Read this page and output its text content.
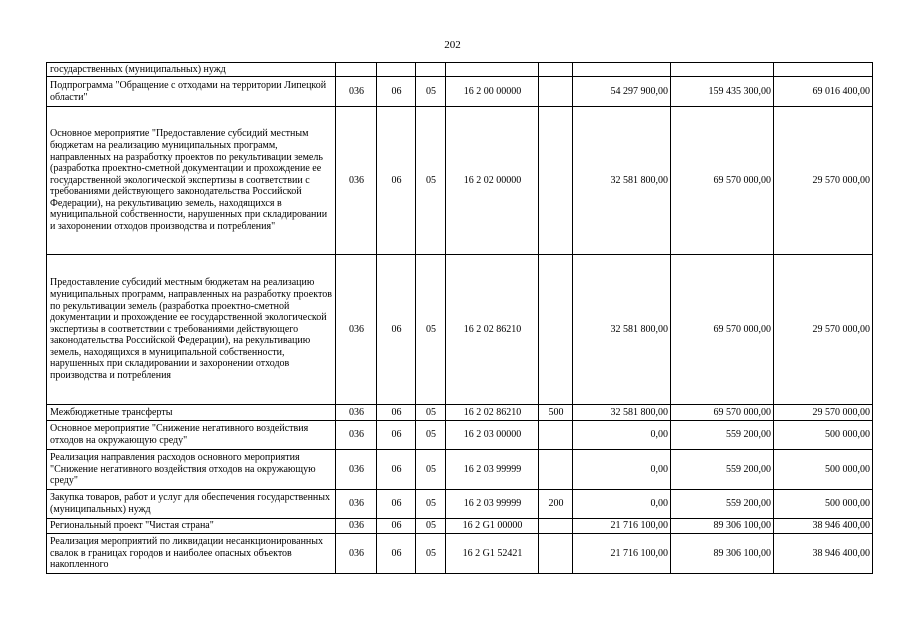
202
государственных (муниципальных) нужд								
Подпрограмма "Обращение с отходами на территории Липецкой области"	036	06	05	16 2 00 00000		54 297 900,00	159 435 300,00	69 016 400,00
Основное мероприятие "Предоставление субсидий местным бюджетам на реализацию муниципальных программ, направленных на разработку проектов по рекультивации земель (разработка проектно-сметной документации и прохождение ее государственной экологической экспертизы в соответствии с требованиями действующего законодательства Российской Федерации), на рекультивацию земель, находящихся в муниципальной собственности, нарушенных при складировании и захоронении отходов производства и потребления"	036	06	05	16 2 02 00000		32 581 800,00	69 570 000,00	29 570 000,00
Предоставление субсидий местным бюджетам на реализацию муниципальных программ, направленных на разработку проектов по рекультивации земель (разработка проектно-сметной документации и прохождение ее государственной экологической экспертизы в соответствии с требованиями действующего законодательства Российской Федерации), на рекультивацию земель, находящихся в муниципальной собственности, нарушенных при складировании и захоронении отходов производства и потребления	036	06	05	16 2 02 86210		32 581 800,00	69 570 000,00	29 570 000,00
Межбюджетные трансферты	036	06	05	16 2 02 86210	500	32 581 800,00	69 570 000,00	29 570 000,00
Основное мероприятие "Снижение негативного воздействия отходов на окружающую среду"	036	06	05	16 2 03 00000		0,00	559 200,00	500 000,00
Реализация направления расходов основного мероприятия "Снижение негативного воздействия отходов на окружающую среду"	036	06	05	16 2 03 99999		0,00	559 200,00	500 000,00
Закупка товаров, работ и услуг для обеспечения государственных (муниципальных) нужд	036	06	05	16 2 03 99999	200	0,00	559 200,00	500 000,00
Региональный проект "Чистая страна"	036	06	05	16 2 G1 00000		21 716 100,00	89 306 100,00	38 946 400,00
Реализация мероприятий по ликвидации несанкционированных свалок в границах городов и наиболее опасных объектов накопленного	036	06	05	16 2 G1 52421		21 716 100,00	89 306 100,00	38 946 400,00
